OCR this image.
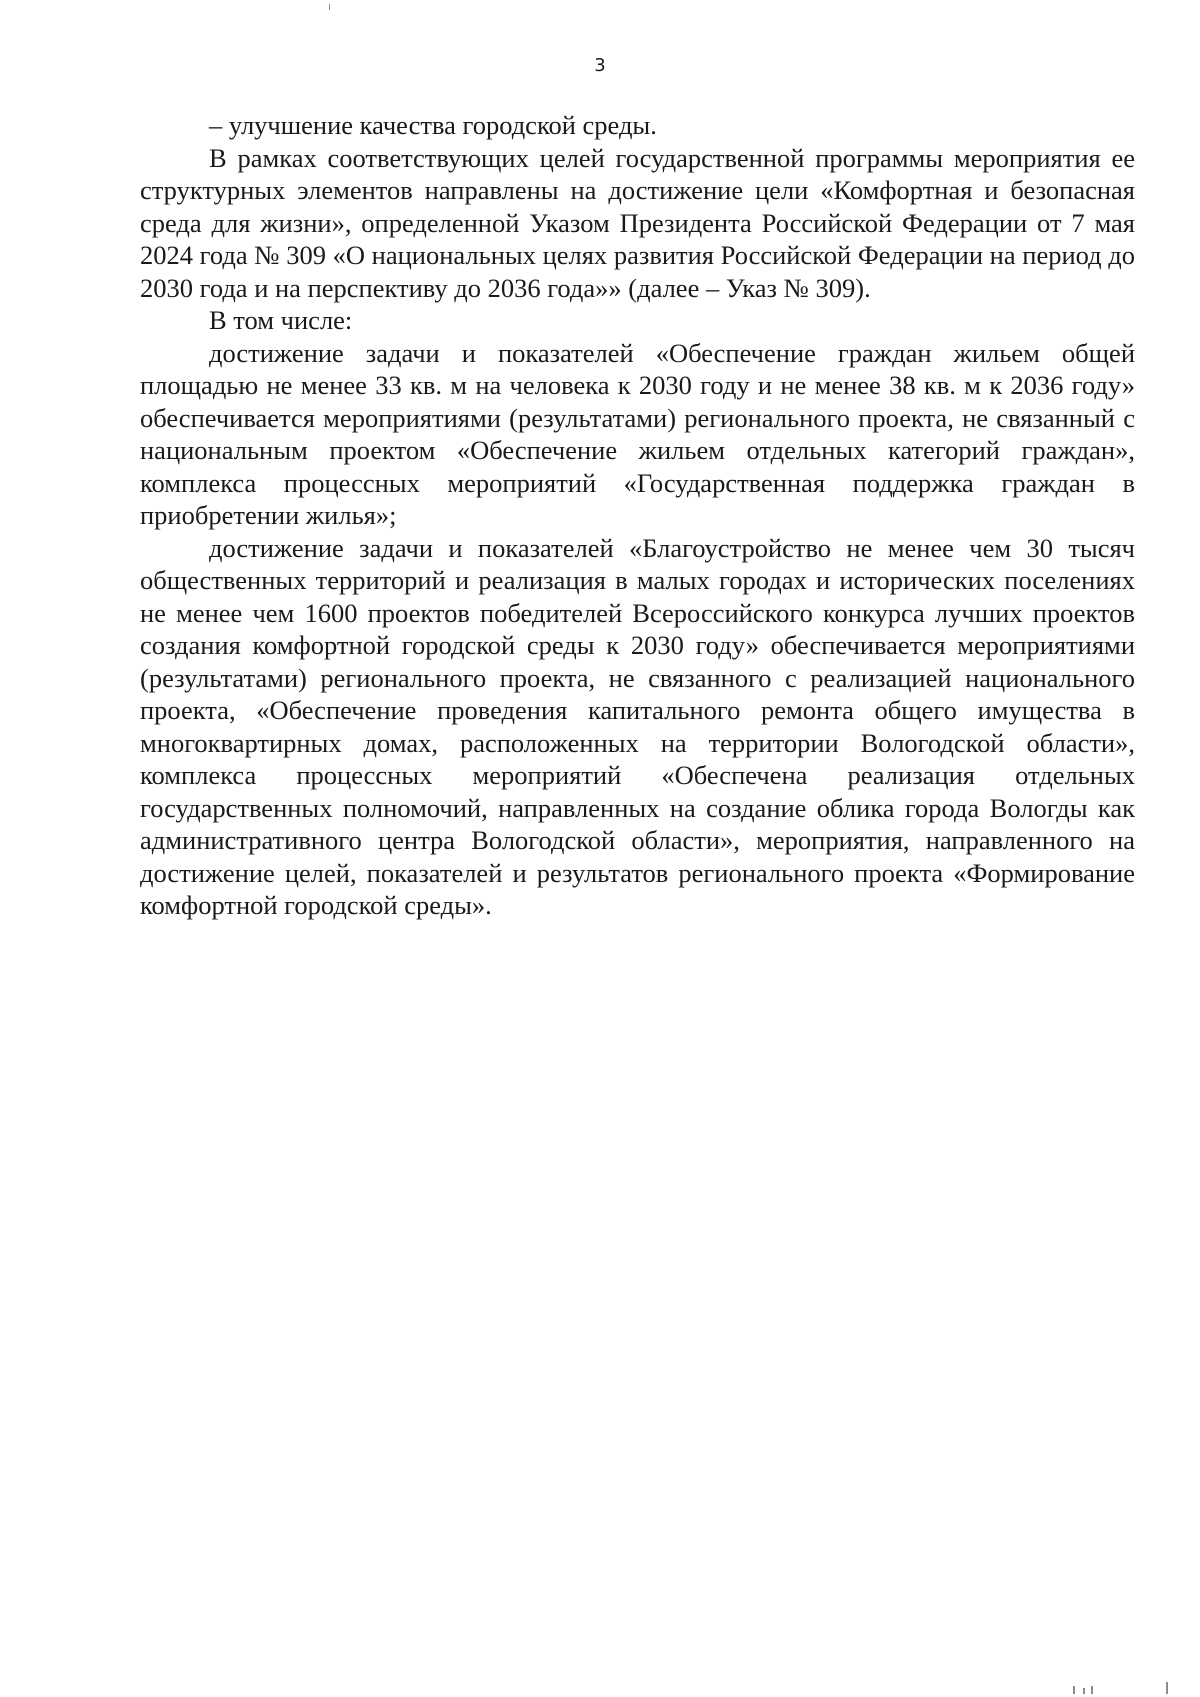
3

– улучшение качества городской среды.

В рамках соответствующих целей государственной программы мероприятия ее структурных элементов направлены на достижение цели «Комфортная и безопасная среда для жизни», определенной Указом Президента Российской Федерации от 7 мая 2024 года № 309 «О национальных целях развития Российской Федерации на период до 2030 года и на перспективу до 2036 года»» (далее – Указ № 309).

В том числе:

достижение задачи и показателей «Обеспечение граждан жильем общей площадью не менее 33 кв. м на человека к 2030 году и не менее 38 кв. м к 2036 году» обеспечивается мероприятиями (результатами) регионального проекта, не связанный с национальным проектом «Обеспечение жильем отдельных категорий граждан», комплекса процессных мероприятий «Государственная поддержка граждан в приобретении жилья»;

достижение задачи и показателей «Благоустройство не менее чем 30 тысяч общественных территорий и реализация в малых городах и исторических поселениях не менее чем 1600 проектов победителей Всероссийского конкурса лучших проектов создания комфортной городской среды к 2030 году» обеспечивается мероприятиями (результатами) регионального проекта, не связанного с реализацией национального проекта, «Обеспечение проведения капитального ремонта общего имущества в многоквартирных домах, расположенных на территории Вологодской области», комплекса процессных мероприятий «Обеспечена реализация отдельных государственных полномочий, направленных на создание облика города Вологды как административного центра Вологодской области», мероприятия, направленного на достижение целей, показателей и результатов регионального проекта «Формирование комфортной городской среды».
